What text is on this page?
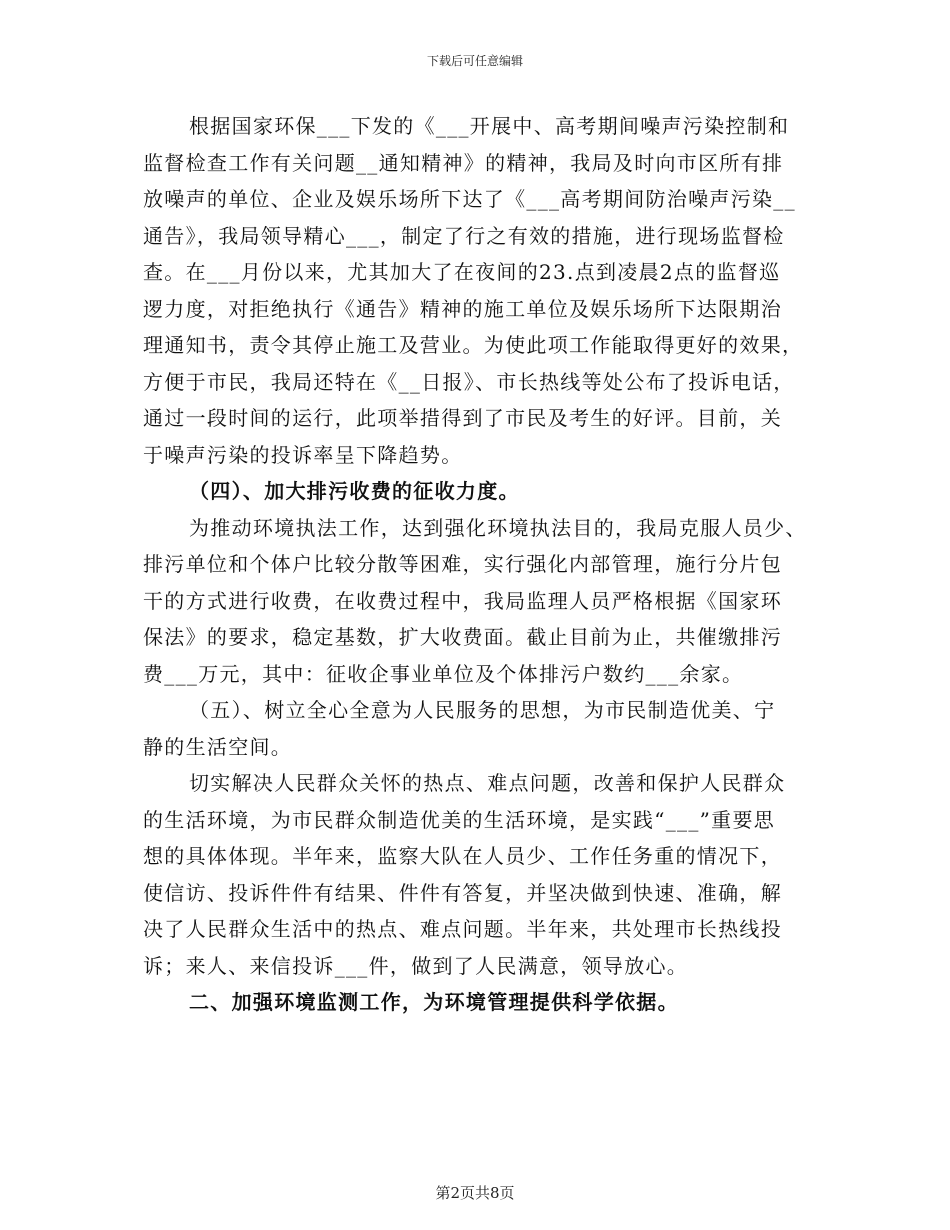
下载后可任意编辑
根据国家环保___下发的《___开展中、高考期间噪声污染控制和
监督检查工作有关问题__通知精神》的精神，我局及时向市区所有排
放噪声的单位、企业及娱乐场所下达了《___高考期间防治噪声污染__
通告》，我局领导精心___，制定了行之有效的措施，进行现场监督检
查。在___月份以来，尤其加大了在夜间的23.点到凌晨2点的监督巡
逻力度，对拒绝执行《通告》精神的施工单位及娱乐场所下达限期治
理通知书，责令其停止施工及营业。为使此项工作能取得更好的效果，
方便于市民，我局还特在《__日报》、市长热线等处公布了投诉电话，
通过一段时间的运行，此项举措得到了市民及考生的好评。目前，关
于噪声污染的投诉率呈下降趋势。
（四）、加大排污收费的征收力度。
为推动环境执法工作，达到强化环境执法目的，我局克服人员少、
排污单位和个体户比较分散等困难，实行强化内部管理，施行分片包
干的方式进行收费，在收费过程中，我局监理人员严格根据《国家环
保法》的要求，稳定基数，扩大收费面。截止目前为止，共催缴排污
费___万元，其中：征收企事业单位及个体排污户数约___余家。
（五）、树立全心全意为人民服务的思想，为市民制造优美、宁
静的生活空间。
切实解决人民群众关怀的热点、难点问题，改善和保护人民群众
的生活环境，为市民群众制造优美的生活环境，是实践“___”重要思
想的具体体现。半年来，监察大队在人员少、工作任务重的情况下，
使信访、投诉件件有结果、件件有答复，并坚决做到快速、准确，解
决了人民群众生活中的热点、难点问题。半年来，共处理市长热线投
诉；来人、来信投诉___件，做到了人民满意，领导放心。
二、加强环境监测工作，为环境管理提供科学依据。
第2页共8页
